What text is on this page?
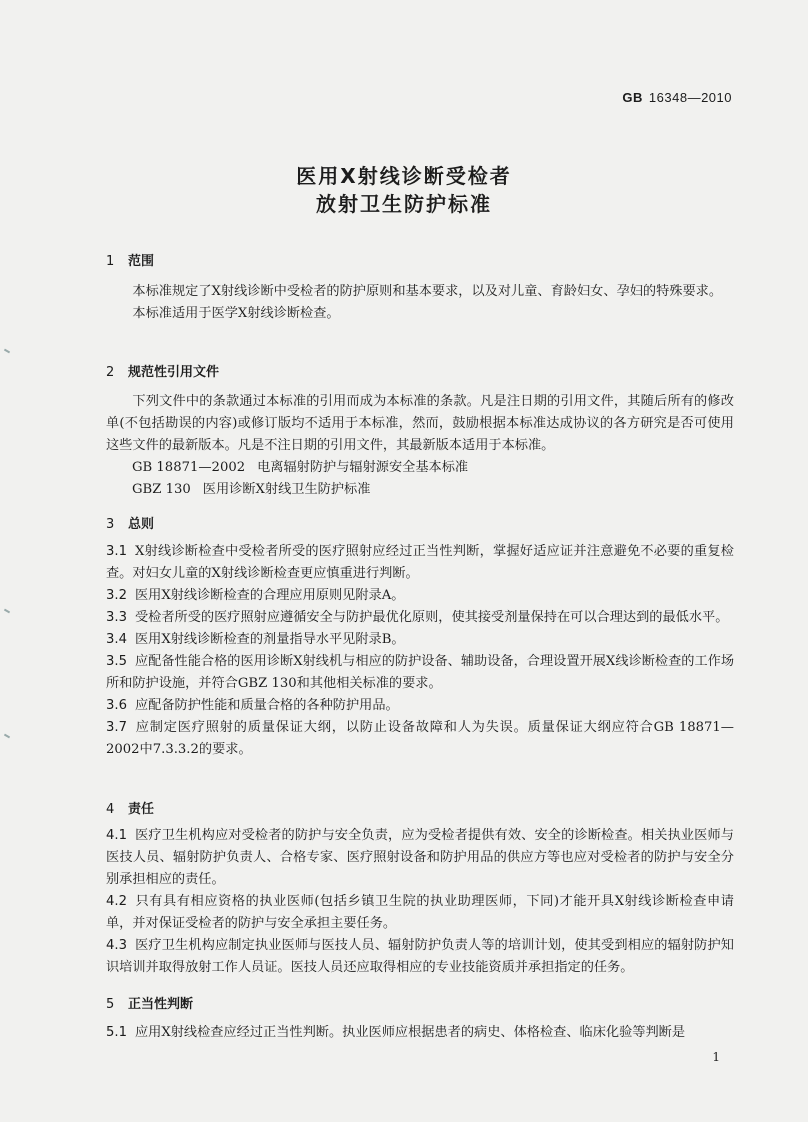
GB 16348—2010
医用X射线诊断受检者
放射卫生防护标准
1 范围

本标准规定了X射线诊断中受检者的防护原则和基本要求，以及对儿童、育龄妇女、孕妇的特殊要求。

本标准适用于医学X射线诊断检查。

2 规范性引用文件

下列文件中的条款通过本标准的引用而成为本标准的条款。凡是注日期的引用文件，其随后所有的修改单(不包括勘误的内容)或修订版均不适用于本标准，然而，鼓励根据本标准达成协议的各方研究是否可使用这些文件的最新版本。凡是不注日期的引用文件，其最新版本适用于本标准。

GB 18871—2002 电离辐射防护与辐射源安全基本标准

GBZ 130 医用诊断X射线卫生防护标准

3 总则

3.1 X射线诊断检查中受检者所受的医疗照射应经过正当性判断，掌握好适应证并注意避免不必要的重复检查。对妇女儿童的X射线诊断检查更应慎重进行判断。

3.2 医用X射线诊断检查的合理应用原则见附录A。

3.3 受检者所受的医疗照射应遵循安全与防护最优化原则，使其接受剂量保持在可以合理达到的最低水平。

3.4 医用X射线诊断检查的剂量指导水平见附录B。

3.5 应配备性能合格的医用诊断X射线机与相应的防护设备、辅助设备，合理设置开展X线诊断检查的工作场所和防护设施，并符合GBZ 130和其他相关标准的要求。

3.6 应配备防护性能和质量合格的各种防护用品。

3.7 应制定医疗照射的质量保证大纲，以防止设备故障和人为失误。质量保证大纲应符合GB 18871—2002中7.3.3.2的要求。

4 责任

4.1 医疗卫生机构应对受检者的防护与安全负责，应为受检者提供有效、安全的诊断检查。相关执业医师与医技人员、辐射防护负责人、合格专家、医疗照射设备和防护用品的供应方等也应对受检者的防护与安全分别承担相应的责任。

4.2 只有具有相应资格的执业医师(包括乡镇卫生院的执业助理医师，下同)才能开具X射线诊断检查申请单，并对保证受检者的防护与安全承担主要任务。

4.3 医疗卫生机构应制定执业医师与医技人员、辐射防护负责人等的培训计划，使其受到相应的辐射防护知识培训并取得放射工作人员证。医技人员还应取得相应的专业技能资质并承担指定的任务。

5 正当性判断

5.1 应用X射线检查应经过正当性判断。执业医师应根据患者的病史、体格检查、临床化验等判断是

1
